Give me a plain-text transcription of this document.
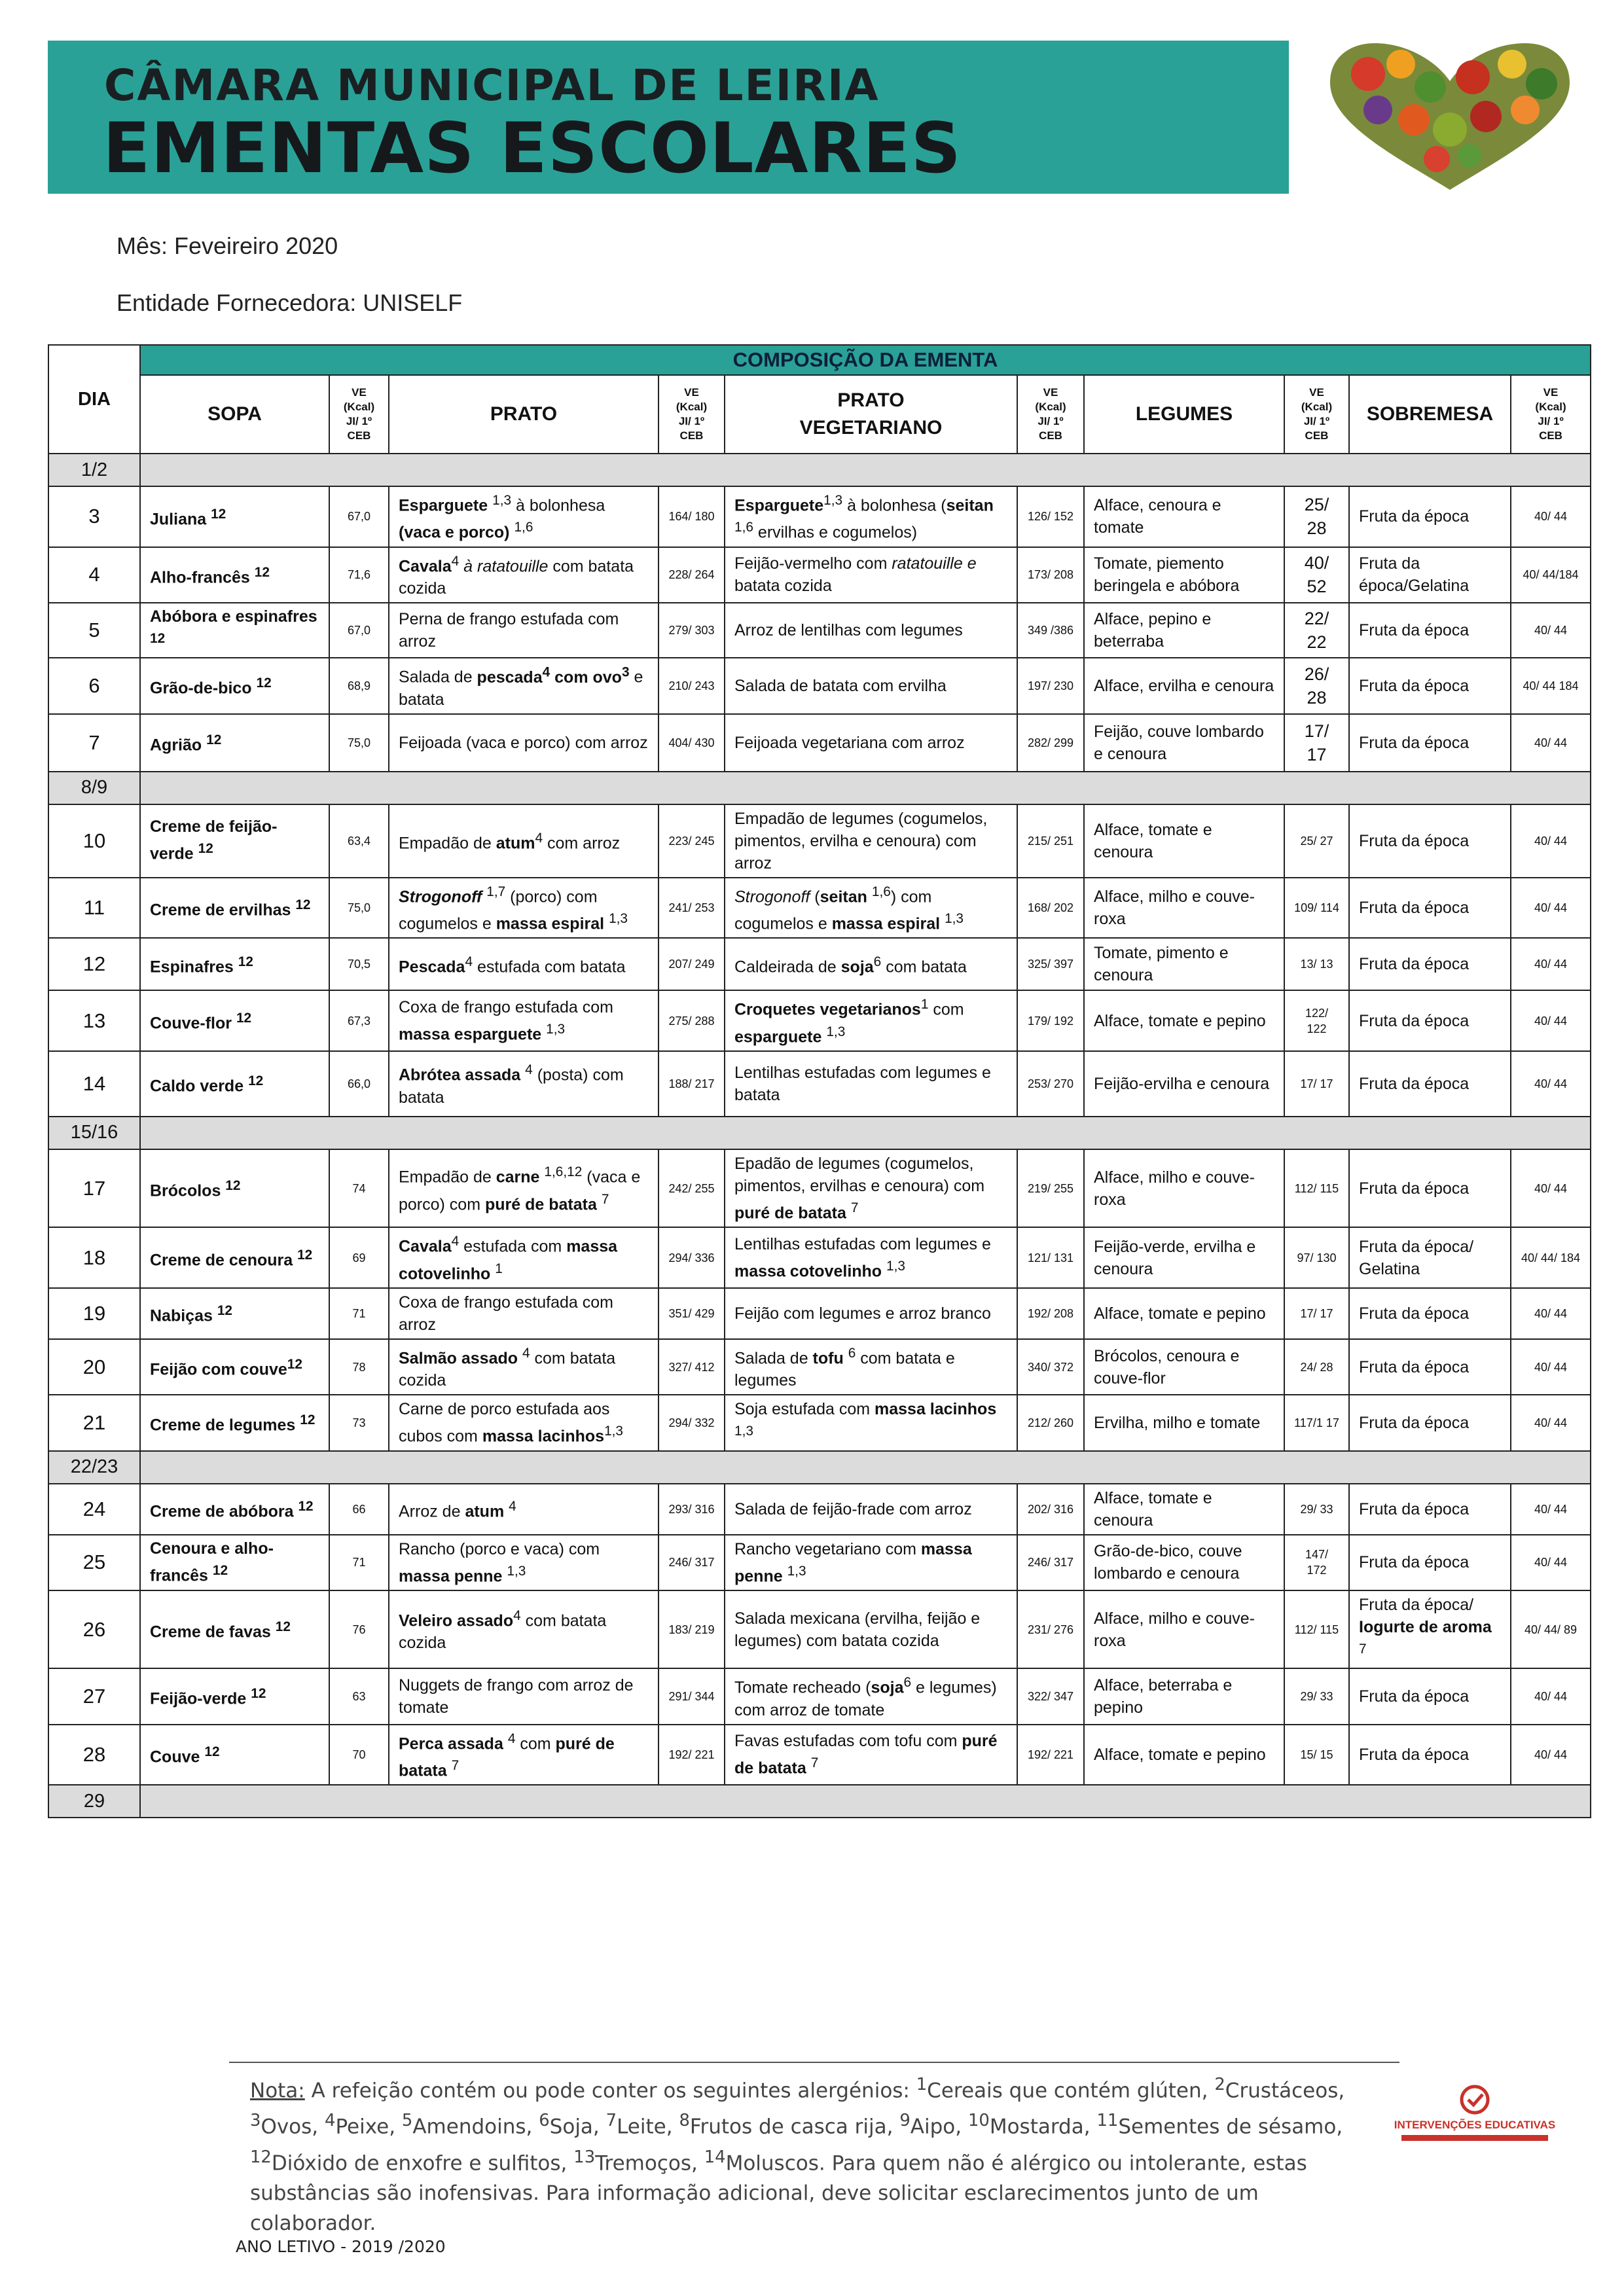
CÂMARA MUNICIPAL DE LEIRIA
EMENTAS ESCOLARES
Mês: Feveireiro 2020
Entidade Fornecedora: UNISELF
DIA	COMPOSIÇÃO DA EMENTA									
	SOPA	VE
(Kcal)
JI/ 1º
CEB	PRATO	VE
(Kcal)
JI/ 1º
CEB	PRATO
VEGETARIANO	VE
(Kcal)
JI/ 1º
CEB	LEGUMES	VE
(Kcal)
JI/ 1º
CEB	SOBREMESA	VE
(Kcal)
JI/ 1º
CEB
1/2										
3	Juliana $^{12}$	67,0	Esparguete $^{1,3}$ à bolonhesa (vaca e porco) $^{1,6}$	164/ 180	Esparguete$^{1,3}$ à bolonhesa (seitan $^{1,6}$ ervilhas e cogumelos)	126/ 152	Alface, cenoura e tomate	25/ 28	Fruta da época	40/ 44
4	Alho-francês $^{12}$	71,6	Cavala$^4$ à ratatouille com batata cozida	228/ 264	Feijão-vermelho com ratatouille e batata cozida	173/ 208	Tomate, piemento beringela e abóbora	40/ 52	Fruta da época/Gelatina	40/ 44/184
5	Abóbora e espinafres $^{12}$	67,0	Perna de frango estufada com arroz	279/ 303	Arroz de lentilhas com legumes	349 /386	Alface, pepino e beterraba	22/ 22	Fruta da época	40/ 44
6	Grão-de-bico $^{12}$	68,9	Salada de pescada$^4$ com ovo$^3$ e batata	210/ 243	Salada de batata com ervilha	197/ 230	Alface, ervilha e cenoura	26/ 28	Fruta da época	40/ 44 184
7	Agrião $^{12}$	75,0	Feijoada (vaca e porco) com arroz	404/ 430	Feijoada vegetariana com arroz	282/ 299	Feijão, couve lombardo e cenoura	17/ 17	Fruta da época	40/ 44
8/9										
10	Creme de feijão-verde $^{12}$	63,4	Empadão de atum$^4$ com arroz	223/ 245	Empadão de legumes (cogumelos, pimentos, ervilha e cenoura) com arroz	215/ 251	Alface, tomate e cenoura	25/ 27	Fruta da época	40/ 44
11	Creme de ervilhas $^{12}$	75,0	Strogonoff $^{1,7}$ (porco) com cogumelos e massa espiral $^{1,3}$	241/ 253	Strogonoff (seitan $^{1,6}$) com cogumelos e massa espiral $^{1,3}$	168/ 202	Alface, milho e couve-roxa	109/ 114	Fruta da época	40/ 44
12	Espinafres $^{12}$	70,5	Pescada$^4$ estufada com batata	207/ 249	Caldeirada de soja$^6$ com batata	325/ 397	Tomate, pimento e cenoura	13/ 13	Fruta da época	40/ 44
13	Couve-flor $^{12}$	67,3	Coxa de frango estufada com massa esparguete $^{1,3}$	275/ 288	Croquetes vegetarianos$^1$ com esparguete $^{1,3}$	179/ 192	Alface, tomate e pepino	122/ 122	Fruta da época	40/ 44
14	Caldo verde $^{12}$	66,0	Abrótea assada $^4$ (posta) com batata	188/ 217	Lentilhas estufadas com legumes e batata	253/ 270	Feijão-ervilha e cenoura	17/ 17	Fruta da época	40/ 44
15/16										
17	Brócolos $^{12}$	74	Empadão de carne $^{1,6,12}$ (vaca e porco) com puré de batata $^7$	242/ 255	Epadão de legumes (cogumelos, pimentos, ervilhas e cenoura) com puré de batata $^7$	219/ 255	Alface, milho e couve-roxa	112/ 115	Fruta da época	40/ 44
18	Creme de cenoura $^{12}$	69	Cavala$^4$ estufada com massa cotovelinho $^1$	294/ 336	Lentilhas estufadas com legumes e massa cotovelinho $^{1,3}$	121/ 131	Feijão-verde, ervilha e cenoura	97/ 130	Fruta da época/ Gelatina	40/ 44/ 184
19	Nabiças $^{12}$	71	Coxa de frango estufada com arroz	351/ 429	Feijão com legumes e arroz branco	192/ 208	Alface, tomate e pepino	17/ 17	Fruta da época	40/ 44
20	Feijão com couve$^{12}$	78	Salmão assado $^4$ com batata cozida	327/ 412	Salada de tofu $^6$ com batata e legumes	340/ 372	Brócolos, cenoura e couve-flor	24/ 28	Fruta da época	40/ 44
21	Creme de legumes $^{12}$	73	Carne de porco estufada aos cubos com massa lacinhos$^{1,3}$	294/ 332	Soja estufada com massa lacinhos $^{1,3}$	212/ 260	Ervilha, milho e tomate	117/1 17	Fruta da época	40/ 44
22/23										
24	Creme de abóbora $^{12}$	66	Arroz de atum $^4$	293/ 316	Salada de feijão-frade com arroz	202/ 316	Alface, tomate e cenoura	29/ 33	Fruta da época	40/ 44
25	Cenoura e alho-francês $^{12}$	71	Rancho (porco e vaca) com massa penne $^{1,3}$	246/ 317	Rancho vegetariano com massa penne $^{1,3}$	246/ 317	Grão-de-bico, couve lombardo e cenoura	147/ 172	Fruta da época	40/ 44
26	Creme de favas $^{12}$	76	Veleiro assado$^4$ com batata cozida	183/ 219	Salada mexicana (ervilha, feijão e legumes) com batata cozida	231/ 276	Alface, milho e couve-roxa	112/ 115	Fruta da época/ Iogurte de aroma $^7$	40/ 44/ 89
27	Feijão-verde $^{12}$	63	Nuggets de frango com arroz de tomate	291/ 344	Tomate recheado (soja$^6$ e legumes) com arroz de tomate	322/ 347	Alface, beterraba e pepino	29/ 33	Fruta da época	40/ 44
28	Couve $^{12}$	70	Perca assada $^4$ com puré de batata $^7$	192/ 221	Favas estufadas com tofu com puré de batata $^7$	192/ 221	Alface, tomate e pepino	15/ 15	Fruta da época	40/ 44
29										
Nota: A refeição contém ou pode conter os seguintes alergénios: $^1$Cereais que contém glúten, $^2$Crustáceos, $^3$Ovos, $^4$Peixe, $^5$Amendoins, $^6$Soja, $^7$Leite, $^8$Frutos de casca rija, $^9$Aipo, $^{10}$Mostarda, $^{11}$Sementes de sésamo, $^{12}$Dióxido de enxofre e sulfitos, $^{13}$Tremoços, $^{14}$Moluscos. Para quem não é alérgico ou intolerante, estas substâncias são inofensivas. Para informação adicional, deve solicitar esclarecimentos junto de um colaborador.
INTERVENÇÕES EDUCATIVAS
ANO LETIVO - 2019 /2020
